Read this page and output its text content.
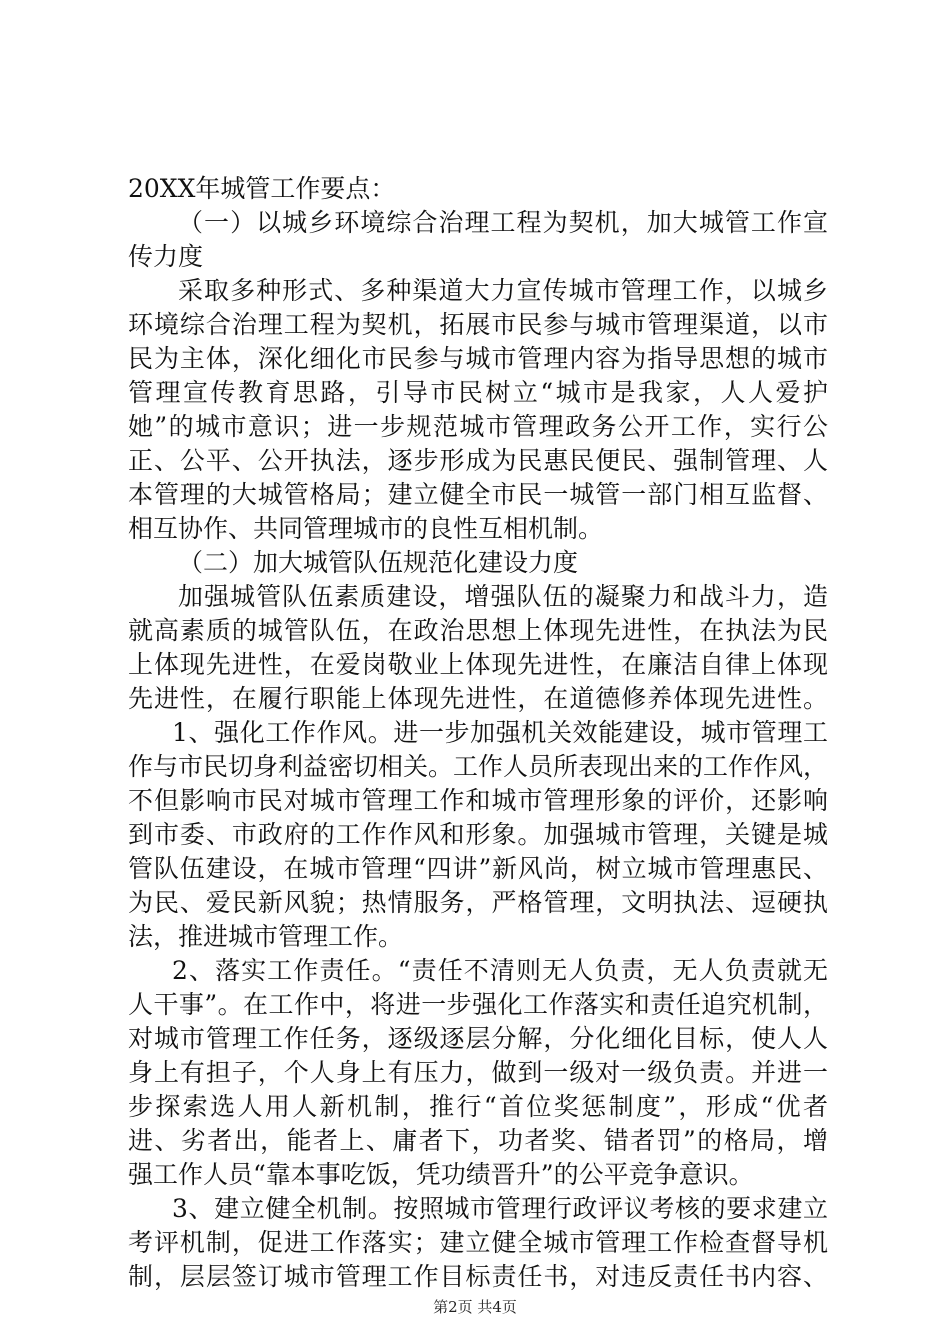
20XX年城管工作要点：
（一）以城乡环境综合治理工程为契机，加大城管工作宣
传力度
采取多种形式、多种渠道大力宣传城市管理工作，以城乡
环境综合治理工程为契机，拓展市民参与城市管理渠道，以市
民为主体，深化细化市民参与城市管理内容为指导思想的城市
管理宣传教育思路，引导市民树立“城市是我家，人人爱护
她”的城市意识；进一步规范城市管理政务公开工作，实行公
正、公平、公开执法，逐步形成为民惠民便民、强制管理、人
本管理的大城管格局；建立健全市民一城管一部门相互监督、
相互协作、共同管理城市的良性互相机制。
（二）加大城管队伍规范化建设力度
加强城管队伍素质建设，增强队伍的凝聚力和战斗力，造
就高素质的城管队伍，在政治思想上体现先进性，在执法为民
上体现先进性，在爱岗敬业上体现先进性，在廉洁自律上体现
先进性，在履行职能上体现先进性，在道德修养体现先进性。
1、强化工作作风。进一步加强机关效能建设，城市管理工
作与市民切身利益密切相关。工作人员所表现出来的工作作风，
不但影响市民对城市管理工作和城市管理形象的评价，还影响
到市委、市政府的工作作风和形象。加强城市管理，关键是城
管队伍建设，在城市管理“四讲”新风尚，树立城市管理惠民、
为民、爱民新风貌；热情服务，严格管理，文明执法、逗硬执
法，推进城市管理工作。
2、落实工作责任。“责任不清则无人负责，无人负责就无
人干事”。在工作中，将进一步强化工作落实和责任追究机制，
对城市管理工作任务，逐级逐层分解，分化细化目标，使人人
身上有担子，个人身上有压力，做到一级对一级负责。并进一
步探索选人用人新机制，推行“首位奖惩制度”，形成“优者
进、劣者出，能者上、庸者下，功者奖、错者罚”的格局，增
强工作人员“靠本事吃饭，凭功绩晋升”的公平竞争意识。
3、建立健全机制。按照城市管理行政评议考核的要求建立
考评机制，促进工作落实；建立健全城市管理工作检查督导机
制，层层签订城市管理工作目标责任书，对违反责任书内容、
第2页 共4页
